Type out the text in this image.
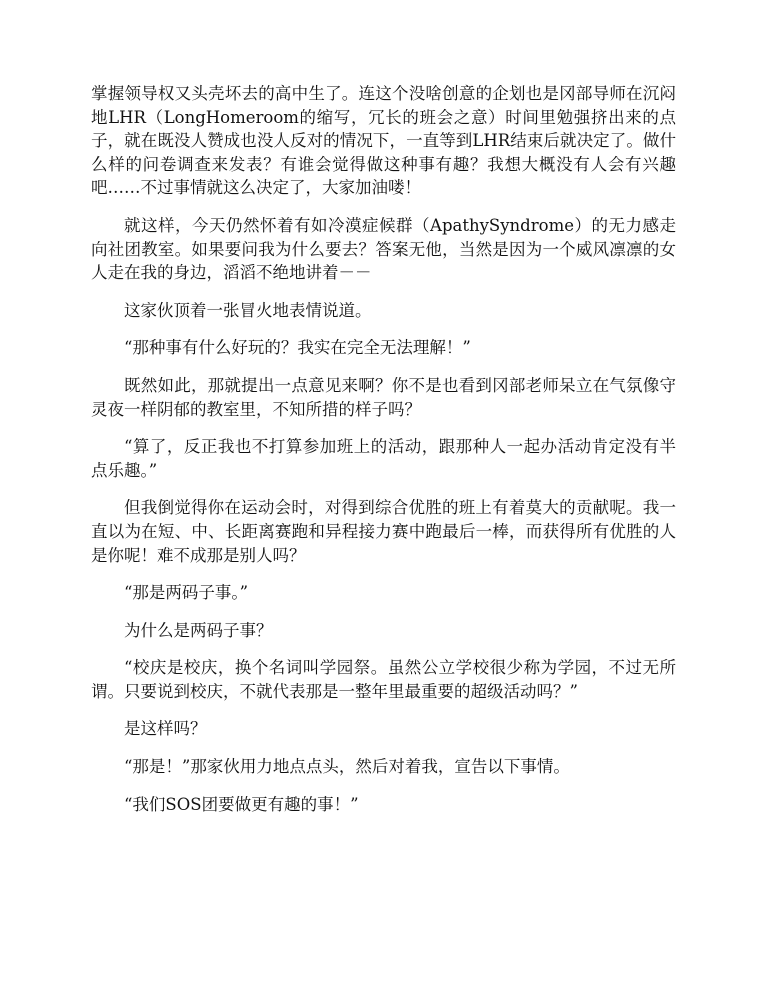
掌握领导权又头壳坏去的高中生了。连这个没啥创意的企划也是冈部导师在沉闷地LHR（LongHomeroom的缩写，冗长的班会之意）时间里勉强挤出来的点子，就在既没人赞成也没人反对的情况下，一直等到LHR结束后就决定了。做什么样的问卷调查来发表？有谁会觉得做这种事有趣？我想大概没有人会有兴趣吧……不过事情就这么决定了，大家加油喽！

就这样，今天仍然怀着有如冷漠症候群（ApathySyndrome）的无力感走向社团教室。如果要问我为什么要去？答案无他，当然是因为一个威风凛凛的女人走在我的身边，滔滔不绝地讲着－－

这家伙顶着一张冒火地表情说道。

“那种事有什么好玩的？我实在完全无法理解！”

既然如此，那就提出一点意见来啊？你不是也看到冈部老师呆立在气氛像守灵夜一样阴郁的教室里，不知所措的样子吗？

“算了，反正我也不打算参加班上的活动，跟那种人一起办活动肯定没有半点乐趣。”

但我倒觉得你在运动会时，对得到综合优胜的班上有着莫大的贡献呢。我一直以为在短、中、长距离赛跑和异程接力赛中跑最后一棒，而获得所有优胜的人是你呢！难不成那是别人吗？

“那是两码子事。”

为什么是两码子事？

“校庆是校庆，换个名词叫学园祭。虽然公立学校很少称为学园，不过无所谓。只要说到校庆，不就代表那是一整年里最重要的超级活动吗？”

是这样吗？

“那是！”那家伙用力地点点头，然后对着我，宣告以下事情。

“我们SOS团要做更有趣的事！”
